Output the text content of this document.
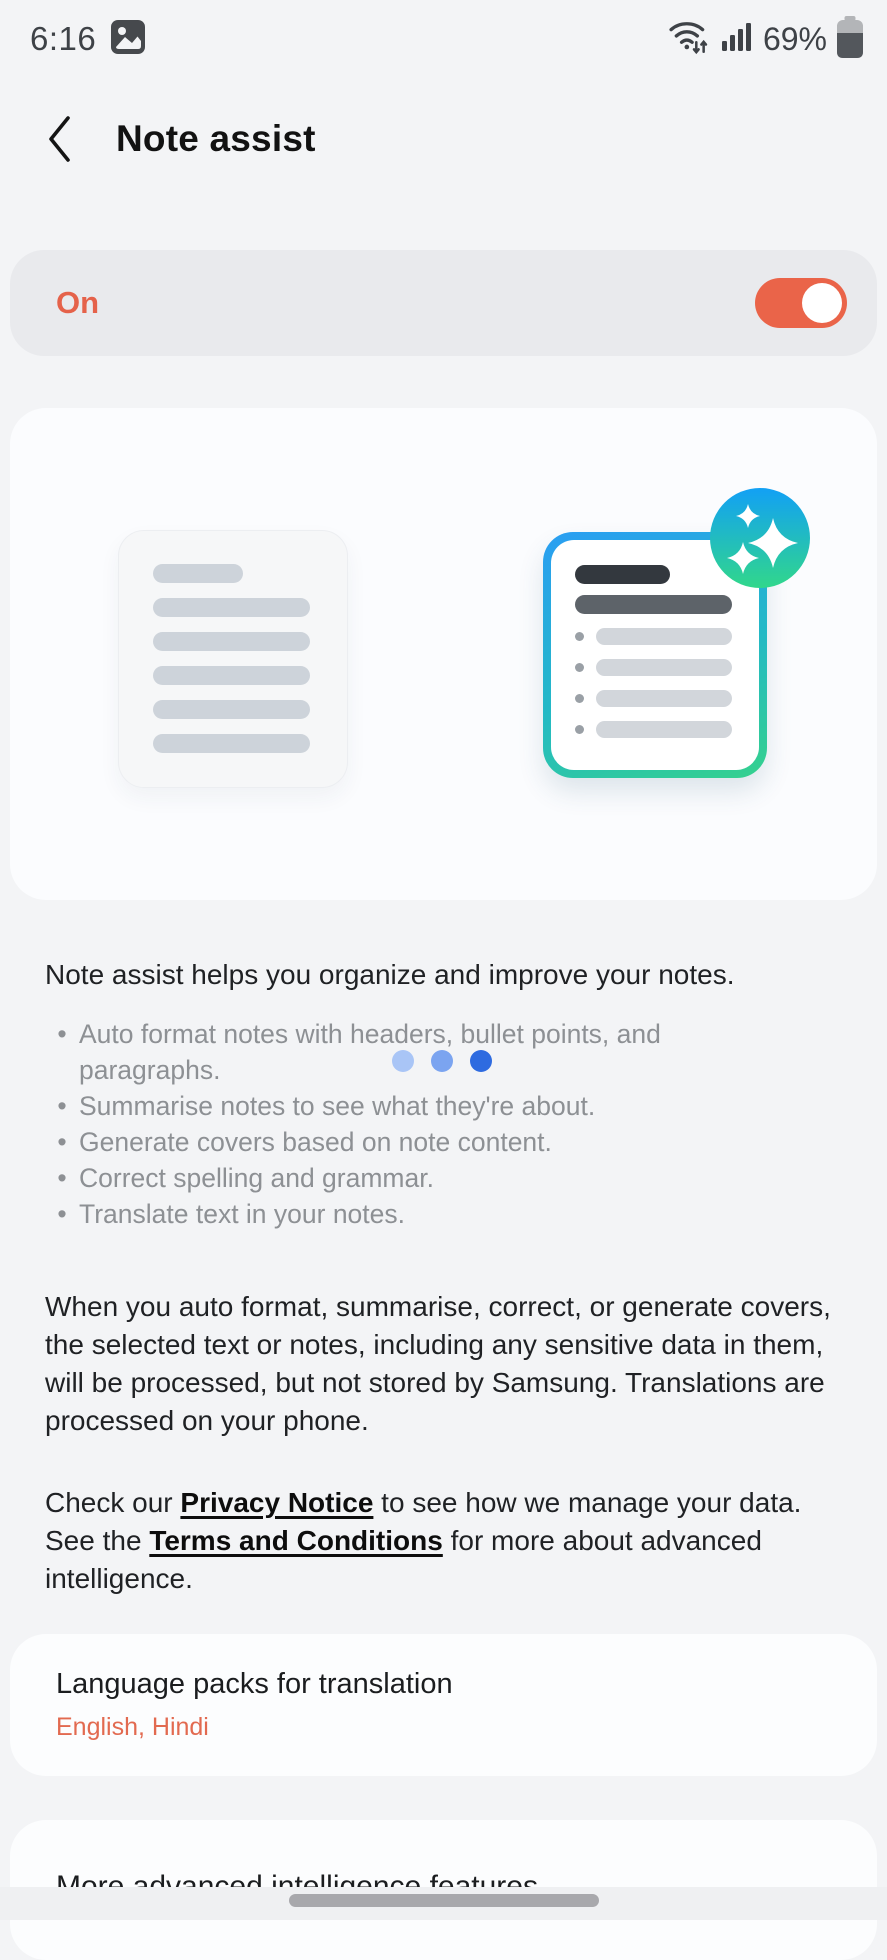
6:16	69%
Note assist
On

Note assist helps you organize and improve your notes.

• Auto format notes with headers, bullet points, and paragraphs.
• Summarise notes to see what they're about.
• Generate covers based on note content.
• Correct spelling and grammar.
• Translate text in your notes.

When you auto format, summarise, correct, or generate covers, the selected text or notes, including any sensitive data in them, will be processed, but not stored by Samsung. Translations are processed on your phone.

Check our Privacy Notice to see how we manage your data. See the Terms and Conditions for more about advanced intelligence.

Language packs for translation
English, Hindi
